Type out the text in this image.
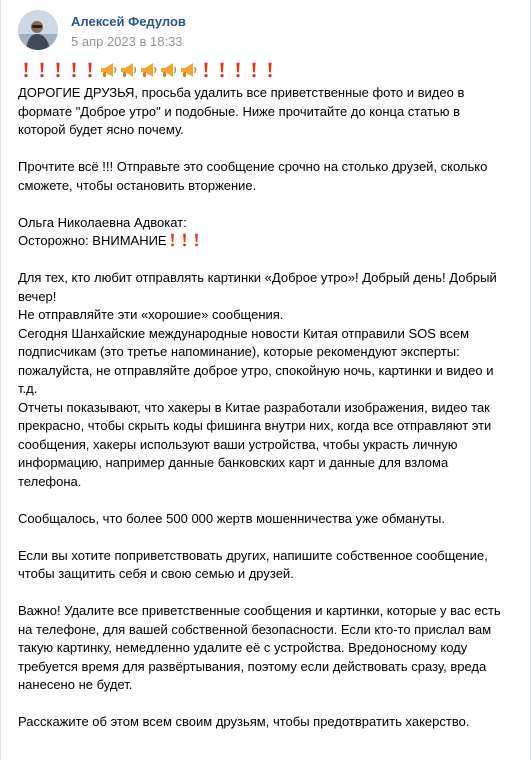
Алексей Федулов
5 апр 2023 в 18:33
ДОРОГИЕ ДРУЗЬЯ, просьба удалить все приветственные фото и видео в
формате "Доброе утро" и подобные. Ниже прочитайте до конца статью в
которой будет ясно почему.
Прочтите всё !!! Отправьте это сообщение срочно на столько друзей, сколько
сможете, чтобы остановить вторжение.
Ольга Николаевна Адвокат:
Осторожно: ВНИМАНИЕ
Для тех, кто любит отправлять картинки «Доброе утро»! Добрый день! Добрый
вечер!
Не отправляйте эти «хорошие» сообщения.
Сегодня Шанхайские международные новости Китая отправили SOS всем
подписчикам (это третье напоминание), которые рекомендуют эксперты:
пожалуйста, не отправляйте доброе утро, спокойную ночь, картинки и видео и
т.д.
Отчеты показывают, что хакеры в Китае разработали изображения, видео так
прекрасно, чтобы скрыть коды фишинга внутри них, когда все отправляют эти
сообщения, хакеры используют ваши устройства, чтобы украсть личную
информацию, например данные банковских карт и данные для взлома
телефона.
Сообщалось, что более 500 000 жертв мошенничества уже обмануты.
Если вы хотите поприветствовать других, напишите собственное сообщение,
чтобы защитить себя и свою семью и друзей.
Важно! Удалите все приветственные сообщения и картинки, которые у вас есть
на телефоне, для вашей собственной безопасности. Если кто-то прислал вам
такую картинку, немедленно удалите её с устройства. Вредоносному коду
требуется время для развёртывания, поэтому если действовать сразу, вреда
нанесено не будет.
Расскажите об этом всем своим друзьям, чтобы предотвратить хакерство.
